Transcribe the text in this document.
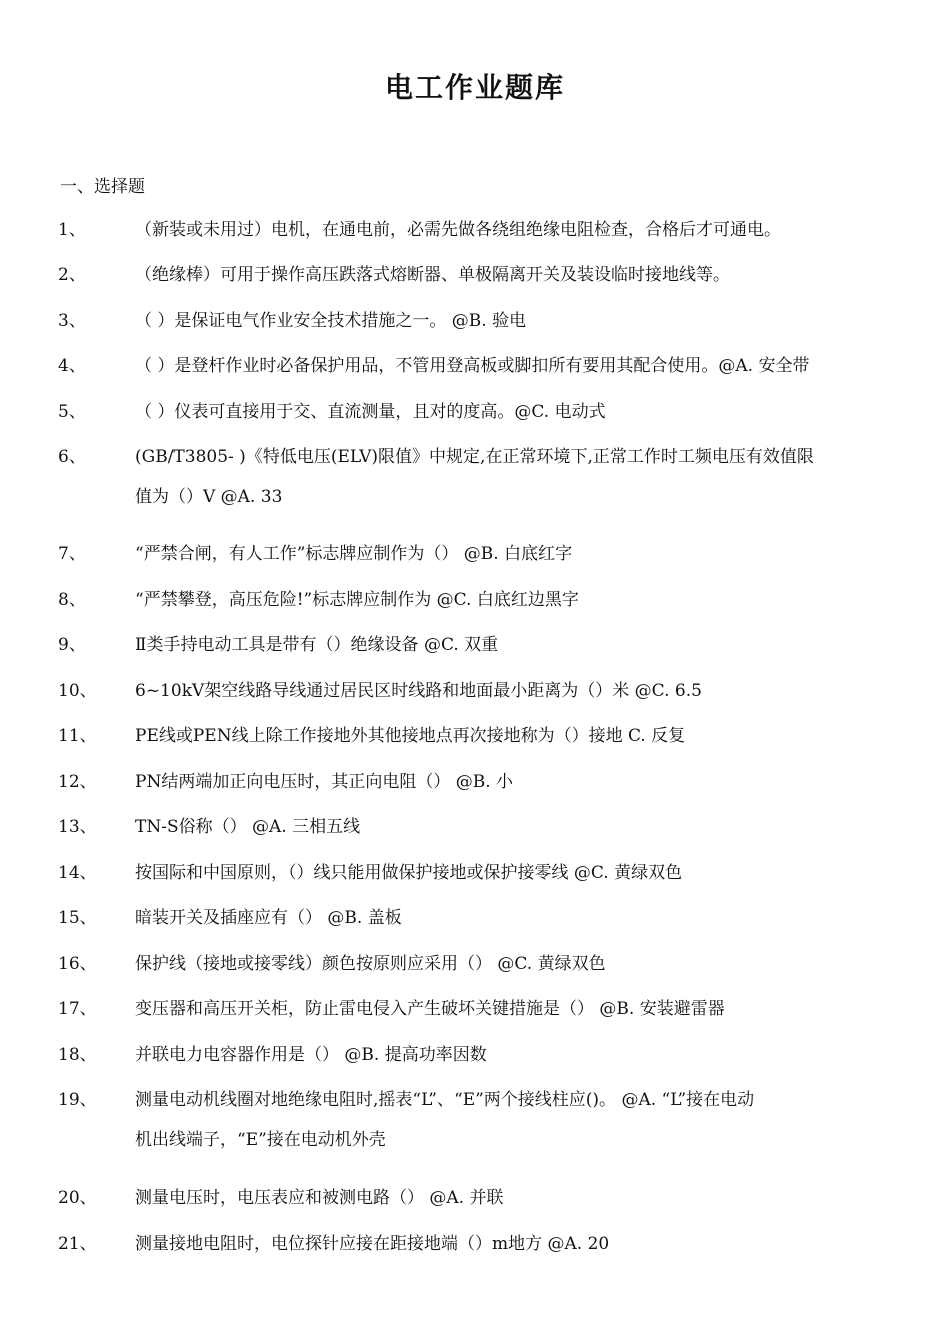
电工作业题库
一、选择题
1、	（新装或未用过）电机，在通电前，必需先做各绕组绝缘电阻检查，合格后才可通电。
2、	（绝缘棒）可用于操作高压跌落式熔断器、单极隔离开关及装设临时接地线等。
3、	（ ）是保证电气作业安全技术措施之一。 @B. 验电
4、	（ ）是登杆作业时必备保护用品，不管用登高板或脚扣所有要用其配合使用。@A. 安全带
5、	（ ）仪表可直接用于交、直流测量，且对的度高。@C. 电动式
6、	(GB/T3805- )《特低电压(ELV)限值》中规定,在正常环境下,正常工作时工频电压有效值限
值为（）V @A. 33
7、	“严禁合闸，有人工作”标志牌应制作为（） @B. 白底红字
8、	“严禁攀登，高压危险!”标志牌应制作为 @C. 白底红边黑字
9、	Ⅱ类手持电动工具是带有（）绝缘设备 @C. 双重
10、 6~10kV架空线路导线通过居民区时线路和地面最小距离为（）米 @C. 6.5
11、 PE线或PEN线上除工作接地外其他接地点再次接地称为（）接地 C. 反复
12、 PN结两端加正向电压时，其正向电阻（） @B. 小
13、 TN-S俗称（） @A. 三相五线
14、 按国际和中国原则，（）线只能用做保护接地或保护接零线 @C. 黄绿双色
15、 暗装开关及插座应有（） @B. 盖板
16、 保护线（接地或接零线）颜色按原则应采用（） @C. 黄绿双色
17、 变压器和高压开关柜，防止雷电侵入产生破坏关键措施是（） @B. 安装避雷器
18、 并联电力电容器作用是（） @B. 提高功率因数
19、 测量电动机线圈对地绝缘电阻时,摇表“L”、“E”两个接线柱应()。 @A. “L”接在电动
机出线端子，“E”接在电动机外壳
20、 测量电压时，电压表应和被测电路（） @A. 并联
21、 测量接地电阻时，电位探针应接在距接地端（）m地方 @A. 20
